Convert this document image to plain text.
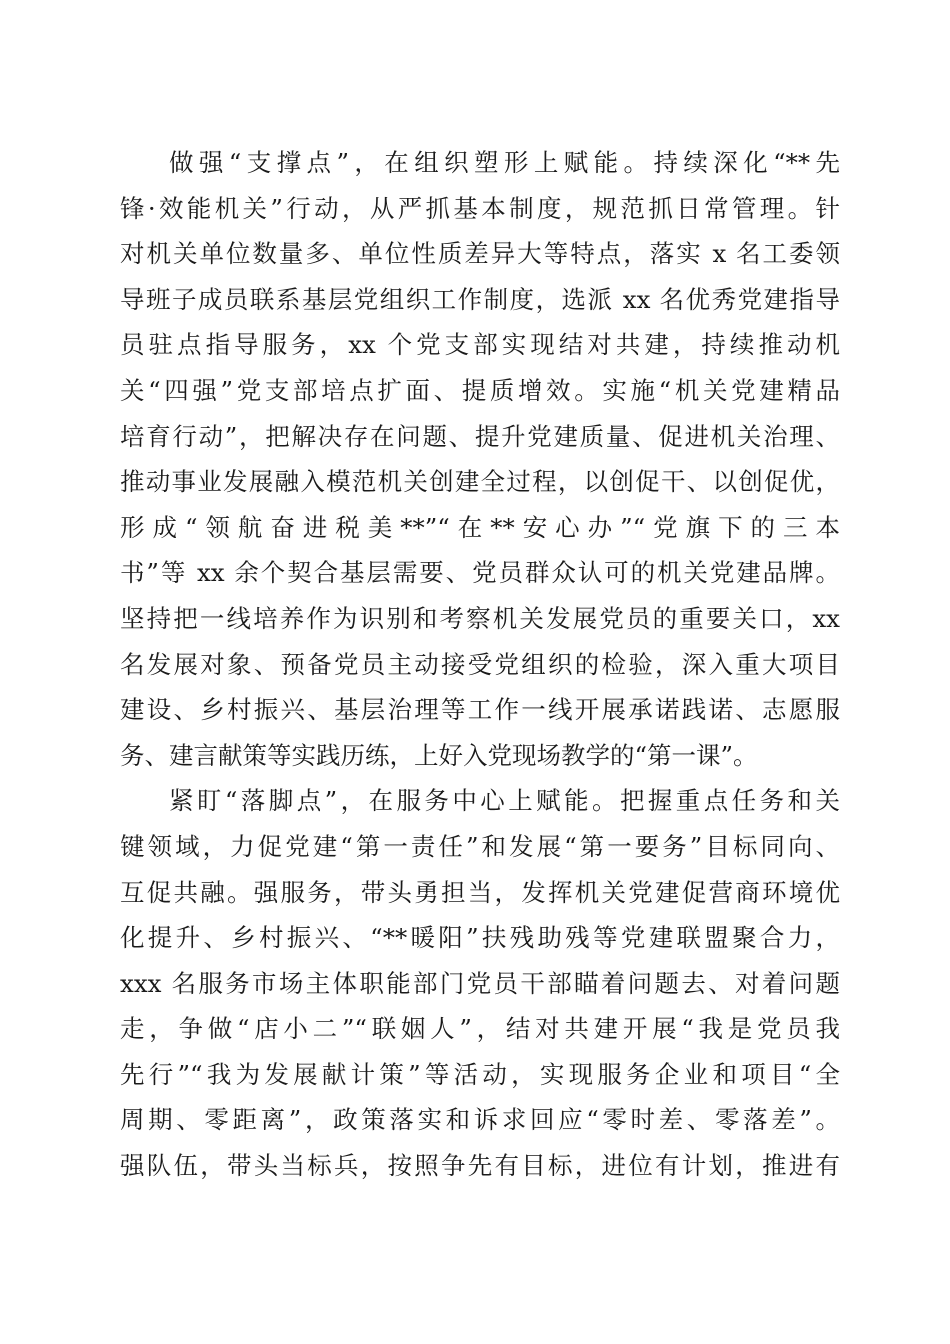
做强“支撑点”，在组织塑形上赋能。持续深化“**先
锋·效能机关”行动，从严抓基本制度，规范抓日常管理。针
对机关单位数量多、单位性质差异大等特点，落实 x 名工委领
导班子成员联系基层党组织工作制度，选派 xx 名优秀党建指导
员驻点指导服务，xx 个党支部实现结对共建，持续推动机
关“四强”党支部培点扩面、提质增效。实施“机关党建精品
培育行动”，把解决存在问题、提升党建质量、促进机关治理、
推动事业发展融入模范机关创建全过程，以创促干、以创促优，
形成“领航奋进税美**”“在**安心办”“党旗下的三本
书”等 xx 余个契合基层需要、党员群众认可的机关党建品牌。
坚持把一线培养作为识别和考察机关发展党员的重要关口，xx
名发展对象、预备党员主动接受党组织的检验，深入重大项目
建设、乡村振兴、基层治理等工作一线开展承诺践诺、志愿服
务、建言献策等实践历练，上好入党现场教学的“第一课”。
紧盯“落脚点”，在服务中心上赋能。把握重点任务和关
键领域，力促党建“第一责任”和发展“第一要务”目标同向、
互促共融。强服务，带头勇担当，发挥机关党建促营商环境优
化提升、乡村振兴、“**暖阳”扶残助残等党建联盟聚合力，
xxx 名服务市场主体职能部门党员干部瞄着问题去、对着问题
走，争做“店小二”“联姻人”，结对共建开展“我是党员我
先行”“我为发展献计策”等活动，实现服务企业和项目“全
周期、零距离”，政策落实和诉求回应“零时差、零落差”。
强队伍，带头当标兵，按照争先有目标，进位有计划，推进有
